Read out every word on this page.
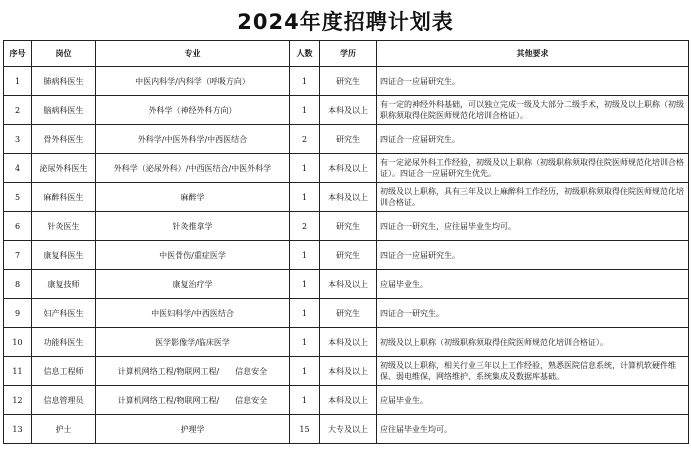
2024年度招聘计划表
序号	岗位	专业	人数	学历	其他要求
1	肺病科医生	中医内科学/内科学（呼吸方向）	1	研究生	四证合一应届研究生。
2	脑病科医生	外科学（神经外科方向）	1	本科及以上	有一定的神经外科基础，可以独立完成一级及大部分二级手术，初级及以上职称（初级职称须取得住院医师规范化培训合格证）。
3	骨外科医生	外科学/中医外科学/中西医结合	2	研究生	四证合一应届研究生。
4	泌尿外科医生	外科学（泌尿外科）/中西医结合/中医外科学	1	本科及以上	有一定泌尿外科工作经验，初级及以上职称（初级职称须取得住院医师规范化培训合格证）。四证合一应届研究生优先。
5	麻醉科医生	麻醉学	1	本科及以上	初级及以上职称，具有三年及以上麻醉科工作经历，初级职称须取得住院医师规范化培训合格证。
6	针灸医生	针灸推拿学	2	研究生	四证合一研究生，应往届毕业生均可。
7	康复科医生	中医骨伤/重症医学	1	研究生	四证合一应届研究生。
8	康复技师	康复治疗学	1	本科及以上	应届毕业生。
9	妇产科医生	中医妇科学/中西医结合	1	研究生	四证合一研究生。
10	功能科医生	医学影像学/临床医学	1	本科及以上	初级及以上职称（初级职称须取得住院医师规范化培训合格证）。
11	信息工程师	计算机网络工程/物联网工程/　　信息安全	1	本科及以上	初级及以上职称，相关行业三年以上工作经验，熟悉医院信息系统，计算机软硬件维保、弱电维保，网络维护、系统集成及数据库基础。
12	信息管理员	计算机网络工程/物联网工程/　　信息安全	1	本科及以上	应届毕业生。
13	护士	护理学	15	大专及以上	应往届毕业生均可。
